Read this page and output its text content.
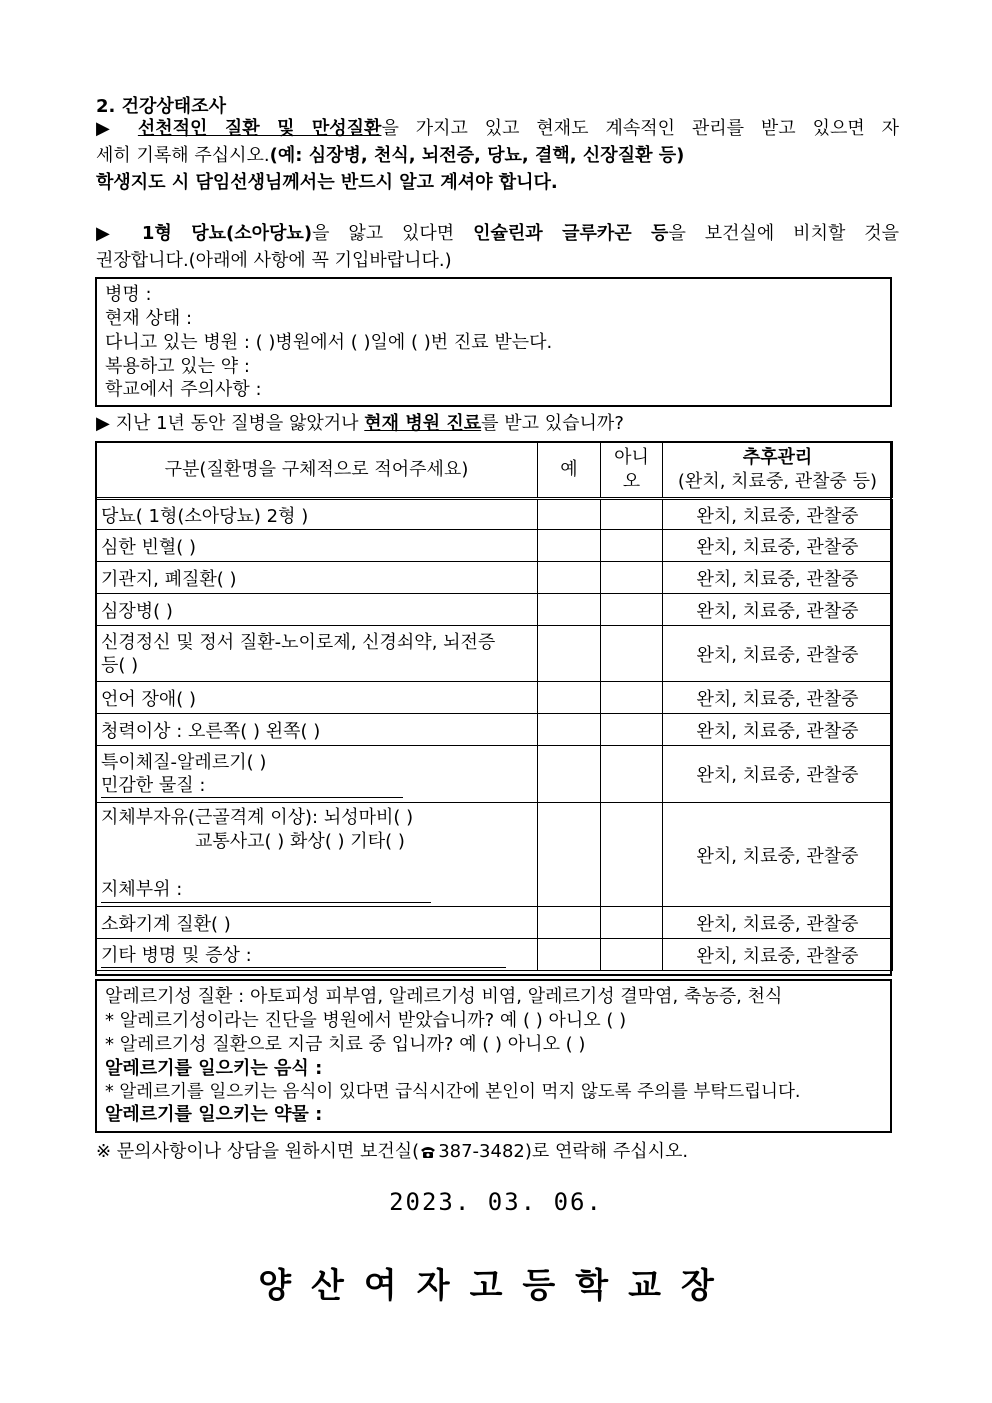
2. 건강상태조사
▶ 선천적인 질환 및 만성질환을 가지고 있고 현재도 계속적인 관리를 받고 있으면 자
세히 기록해 주십시오.(예: 심장병, 천식, 뇌전증, 당뇨, 결핵, 신장질환 등)
학생지도 시 담임선생님께서는 반드시 알고 계셔야 합니다.
▶ 1형 당뇨(소아당뇨)을 앓고 있다면 인슐린과 글루카곤 등을 보건실에 비치할 것을
권장합니다.(아래에 사항에 꼭 기입바랍니다.)
병명 :
현재 상태 :
다니고 있는 병원 : ( )병원에서 ( )일에 ( )번 진료 받는다.
복용하고 있는 약 :
학교에서 주의사항 :
▶ 지난 1년 동안 질병을 앓았거나 현재 병원 진료를 받고 있습니까?
구분(질환명을 구체적으로 적어주세요)	예	아니오	추후관리
(완치, 치료중, 관찰중 등)

당뇨( 1형(소아당뇨) 2형 )			완치, 치료중, 관찰중
심한 빈혈( )			완치, 치료중, 관찰중
기관지, 폐질환( )			완치, 치료중, 관찰중
심장병( )			완치, 치료중, 관찰중

신경정신 및 정서 질환-노이로제, 신경쇠약, 뇌전증
등( )			완치, 치료중, 관찰중
언어 장애( )			완치, 치료중, 관찰중
청력이상 : 오른쪽( ) 왼쪽( )			완치, 치료중, 관찰중

특이체질-알레르기( )
민감한 물질 :			완치, 치료중, 관찰중

지체부자유(근골격계 이상): 뇌성마비( )
교통사고( ) 화상( ) 기타( )
지체부위 :			완치, 치료중, 관찰중
소화기계 질환( )			완치, 치료중, 관찰중
기타 병명 및 증상 :			완치, 치료중, 관찰중
알레르기성 질환 : 아토피성 피부염, 알레르기성 비염, 알레르기성 결막염, 축농증, 천식
* 알레르기성이라는 진단을 병원에서 받았습니까? 예 ( ) 아니오 ( )
* 알레르기성 질환으로 지금 치료 중 입니까? 예 ( ) 아니오 ( )
알레르기를 일으키는 음식 :
* 알레르기를 일으키는 음식이 있다면 급식시간에 본인이 먹지 않도록 주의를 부탁드립니다.
알레르기를 일으키는 약물 :
※ 문의사항이나 상담을 원하시면 보건실( 387-3482)로 연락해 주십시오.
2023. 03. 06.
양산여자고등학교장
